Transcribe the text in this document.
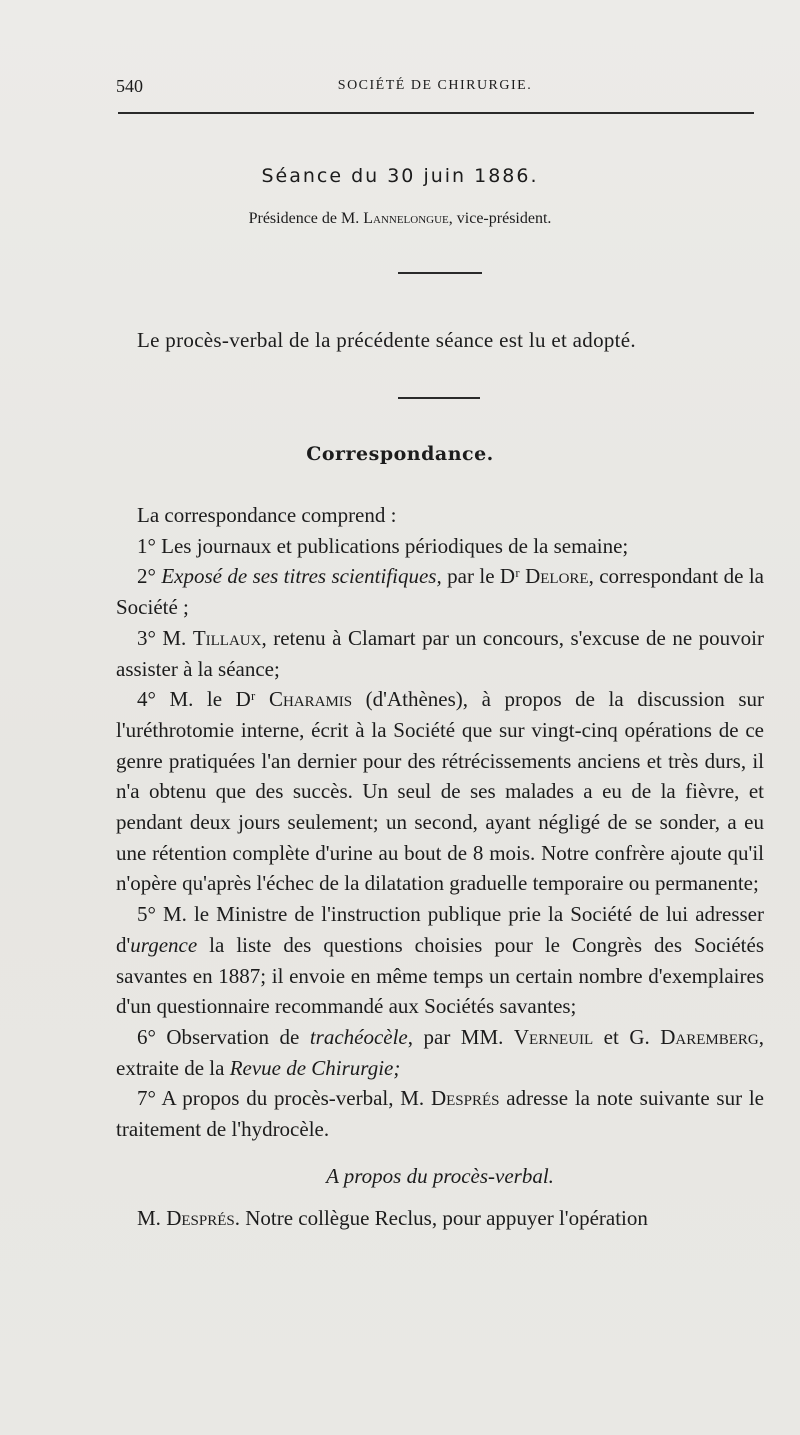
540	SOCIÉTÉ DE CHIRURGIE.
Séance du 30 juin 1886.
Présidence de M. Lannelongue, vice-président.
Le procès-verbal de la précédente séance est lu et adopté.
Correspondance.

La correspondance comprend :

1° Les journaux et publications périodiques de la semaine;

2° Exposé de ses titres scientifiques, par le Dʳ Delore, correspondant de la Société ;

3° M. Tillaux, retenu à Clamart par un concours, s'excuse de ne pouvoir assister à la séance;

4° M. le Dʳ Charamis (d'Athènes), à propos de la discussion sur l'uréthrotomie interne, écrit à la Société que sur vingt-cinq opérations de ce genre pratiquées l'an dernier pour des rétrécissements anciens et très durs, il n'a obtenu que des succès. Un seul de ses malades a eu de la fièvre, et pendant deux jours seulement; un second, ayant négligé de se sonder, a eu une rétention complète d'urine au bout de 8 mois. Notre confrère ajoute qu'il n'opère qu'après l'échec de la dilatation graduelle temporaire ou permanente;

5° M. le Ministre de l'instruction publique prie la Société de lui adresser d'urgence la liste des questions choisies pour le Congrès des Sociétés savantes en 1887; il envoie en même temps un certain nombre d'exemplaires d'un questionnaire recommandé aux Sociétés savantes;

6° Observation de trachéocèle, par MM. Verneuil et G. Daremberg, extraite de la Revue de Chirurgie;

7° A propos du procès-verbal, M. Després adresse la note suivante sur le traitement de l'hydrocèle.

A propos du procès-verbal.

M. Després. Notre collègue Reclus, pour appuyer l'opération
